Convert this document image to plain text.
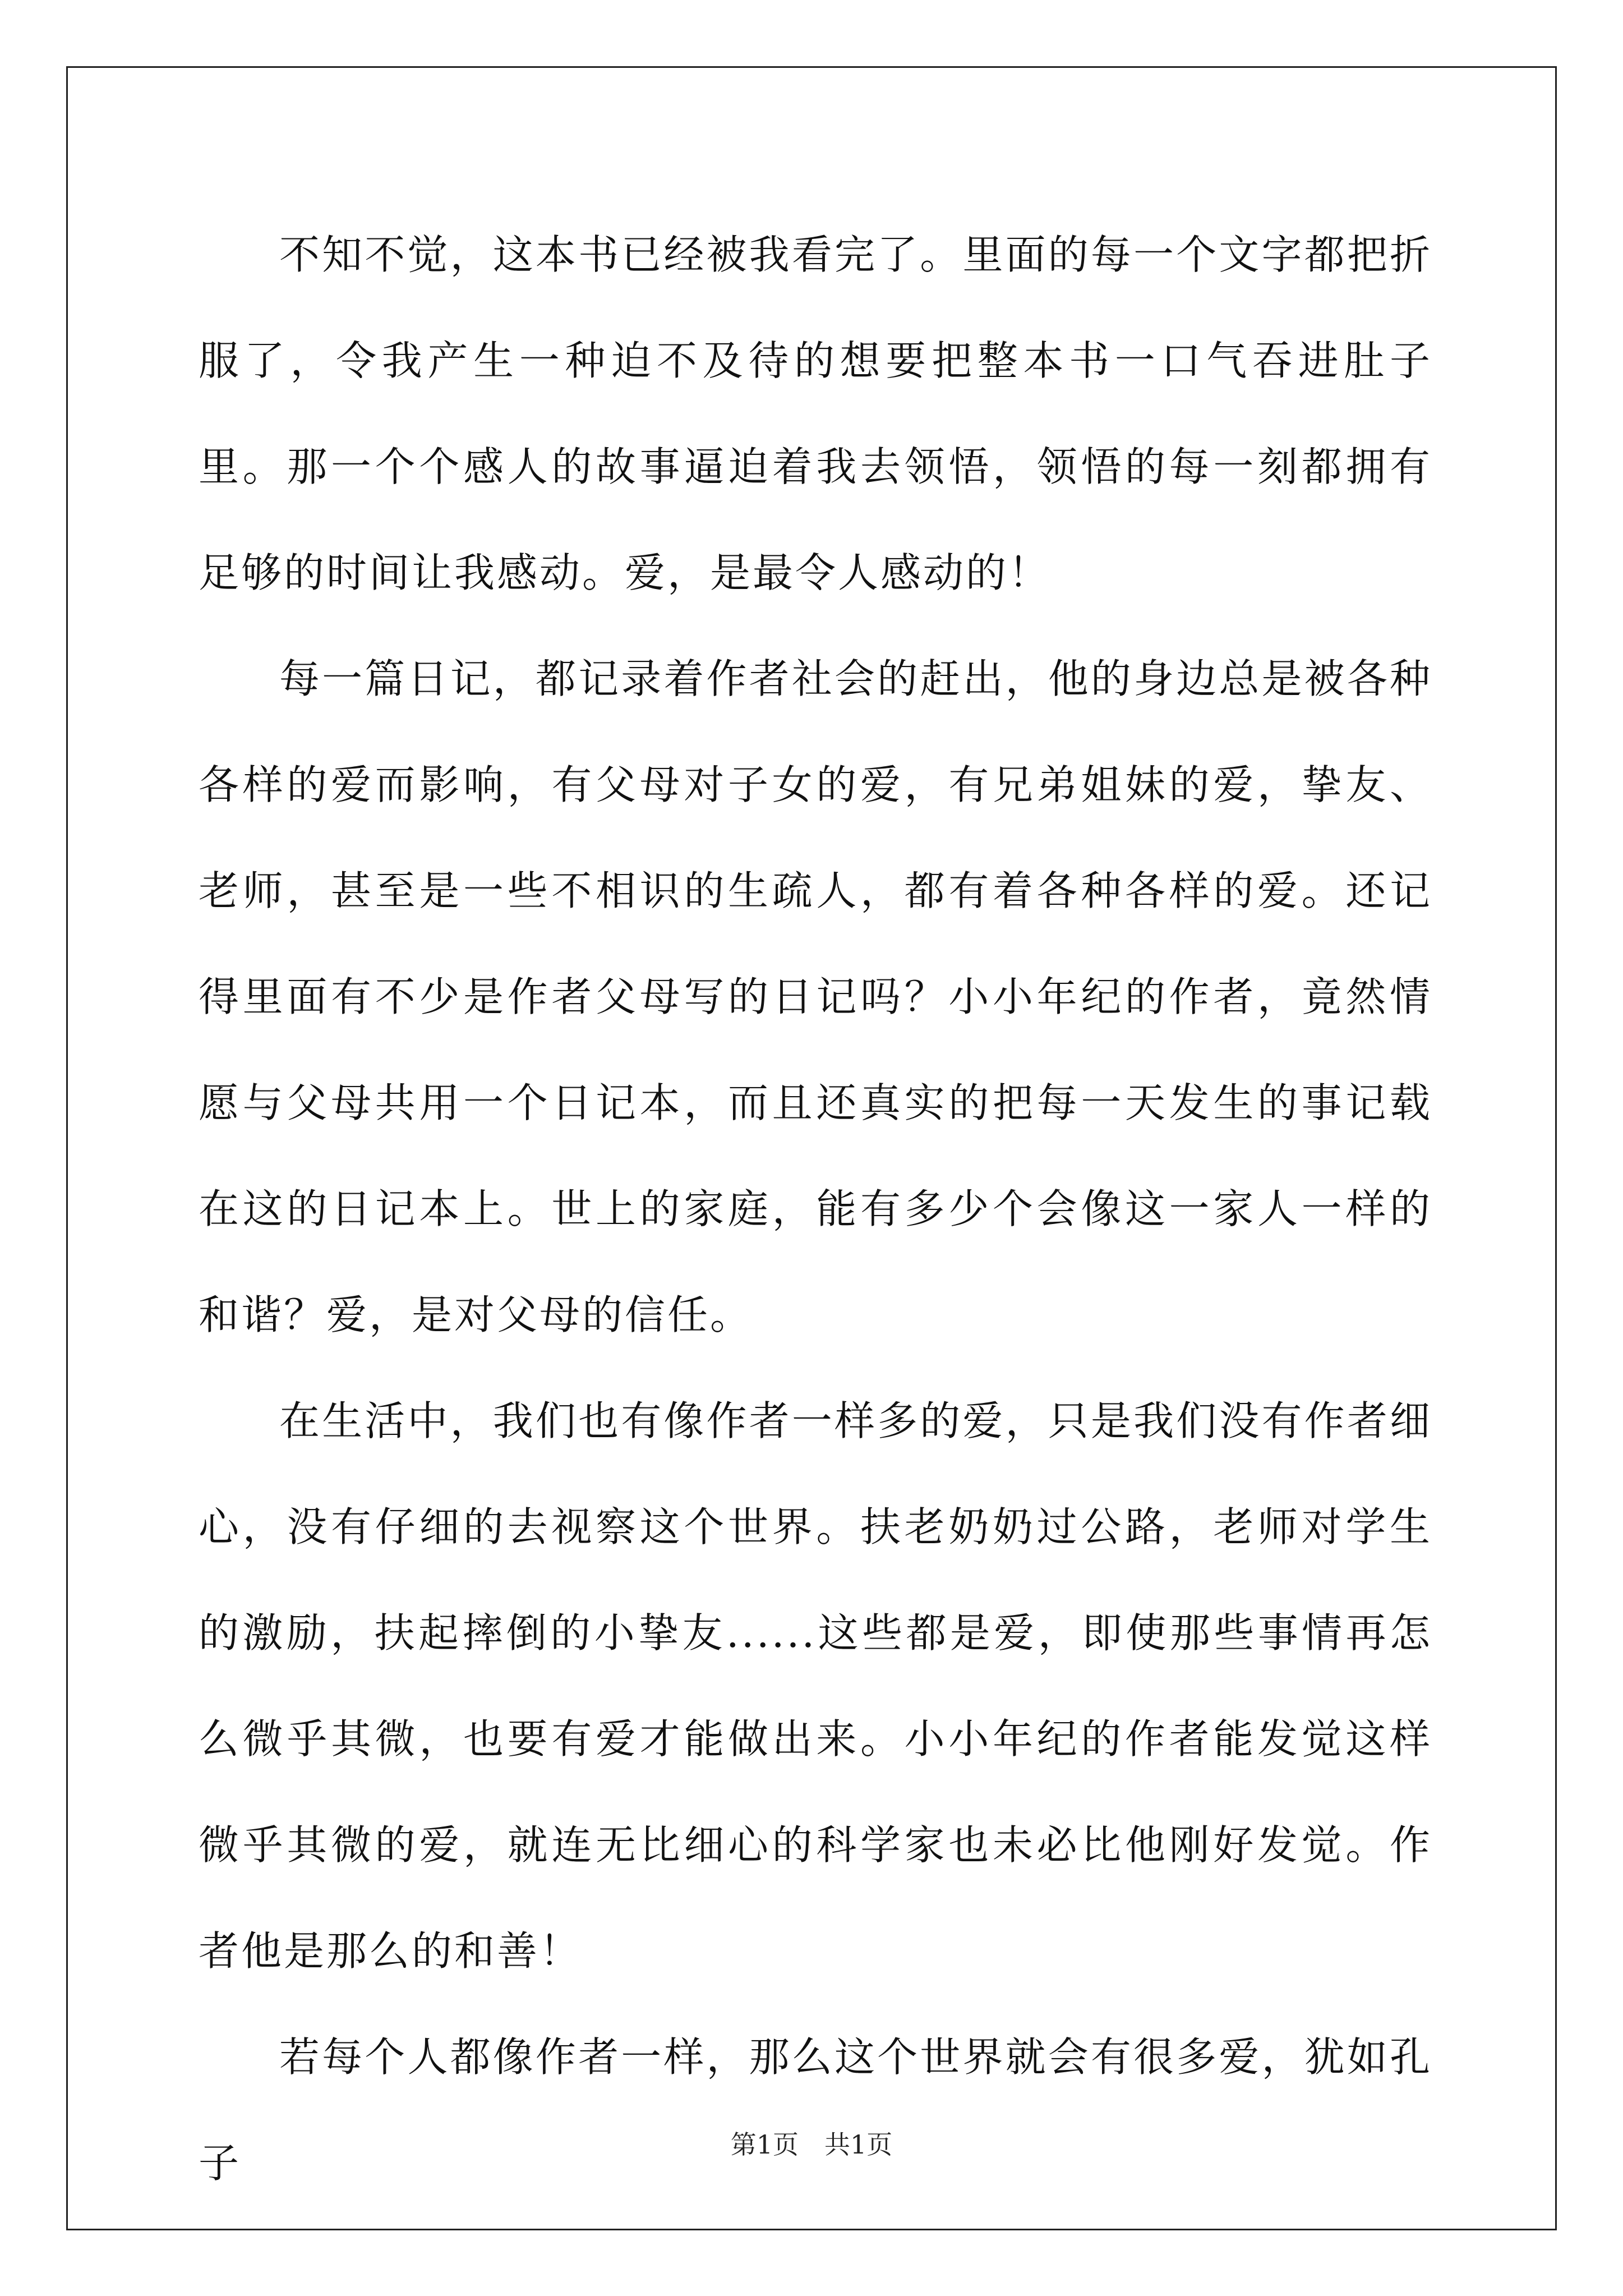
不知不觉，这本书已经被我看完了。里面的每一个文字都把折服了，令我产生一种迫不及待的想要把整本书一口气吞进肚子里。那一个个感人的故事逼迫着我去领悟，领悟的每一刻都拥有足够的时间让我感动。爱，是最令人感动的！

每一篇日记，都记录着作者社会的赶出，他的身边总是被各种各样的爱而影响，有父母对子女的爱，有兄弟姐妹的爱，挚友、老师，甚至是一些不相识的生疏人，都有着各种各样的爱。还记得里面有不少是作者父母写的日记吗？小小年纪的作者，竟然情愿与父母共用一个日记本，而且还真实的把每一天发生的事记载在这的日记本上。世上的家庭，能有多少个会像这一家人一样的和谐？爱，是对父母的信任。

在生活中，我们也有像作者一样多的爱，只是我们没有作者细心，没有仔细的去视察这个世界。扶老奶奶过公路，老师对学生的激励，扶起摔倒的小挚友......这些都是爱，即使那些事情再怎么微乎其微，也要有爱才能做出来。小小年纪的作者能发觉这样微乎其微的爱，就连无比细心的科学家也未必比他刚好发觉。作者他是那么的和善！

若每个人都像作者一样，那么这个世界就会有很多爱，犹如孔子	第1页　共1页
